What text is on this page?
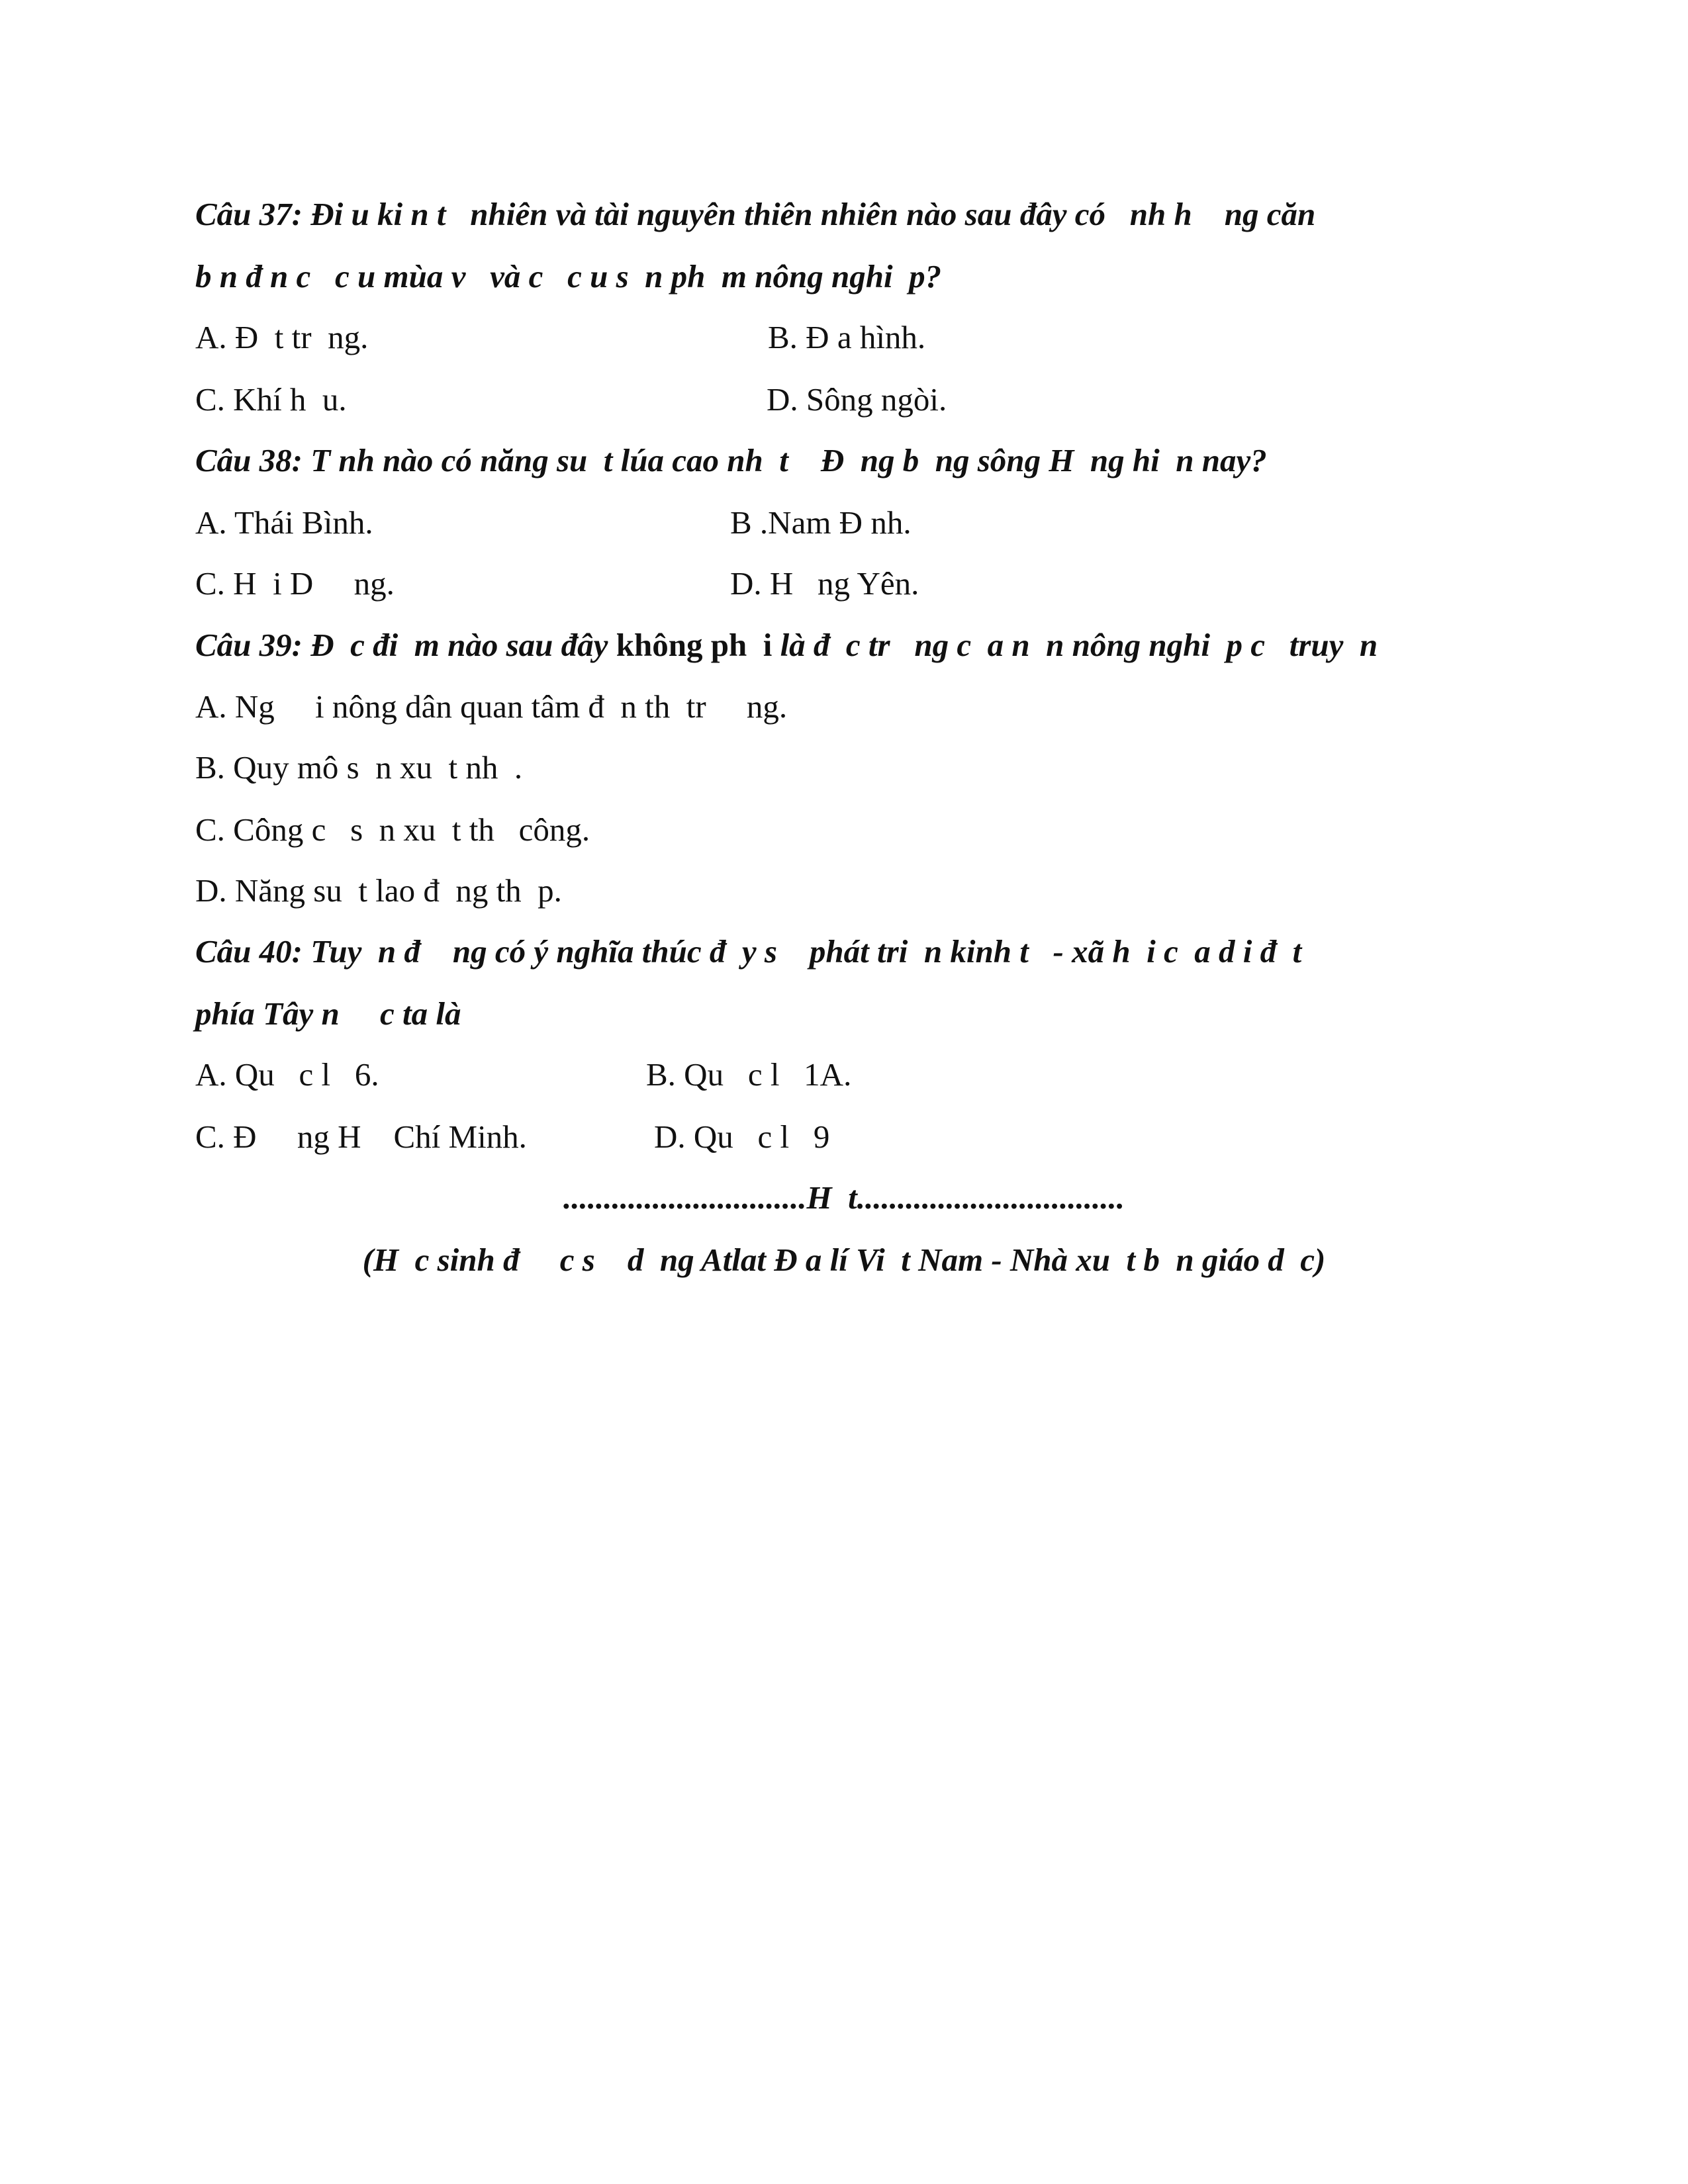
Câu 37: Đi u ki n t   nhiên và tài nguyên thiên nhiên nào sau đây có   nh h    ng căn
b n đ n c   c u mùa v   và c   c u s  n ph  m nông nghi  p?
A. Đ  t tr  ng.	B. Đ a hình.
C. Khí h  u.	D. Sông ngòi.
Câu 38: T nh nào có năng su  t lúa cao nh  t    Đ  ng b  ng sông H  ng hi  n nay?
A. Thái Bình.	B .Nam Đ nh.
C. H  i D     ng.	D. H   ng Yên.
Câu 39: Đ  c đi  m nào sau đây không ph  i là đ  c tr   ng c  a n  n nông nghi  p c   truy  n
A. Ng     i nông dân quan tâm đ  n th  tr     ng.
B. Quy mô s  n xu  t nh  .
C. Công c   s  n xu  t th   công.
D. Năng su  t lao đ  ng th  p.
Câu 40: Tuy  n đ    ng có ý nghĩa thúc đ  y s    phát tri  n kinh t   - xã h  i c  a d i đ  t
phía Tây n     c ta là
A. Qu   c l   6.	B. Qu   c l   1A.
C. Đ     ng H    Chí Minh.	D. Qu   c l   9
..............................H  t.................................
(H  c sinh đ     c s    d  ng Atlat Đ a lí Vi  t Nam - Nhà xu  t b  n giáo d  c)
